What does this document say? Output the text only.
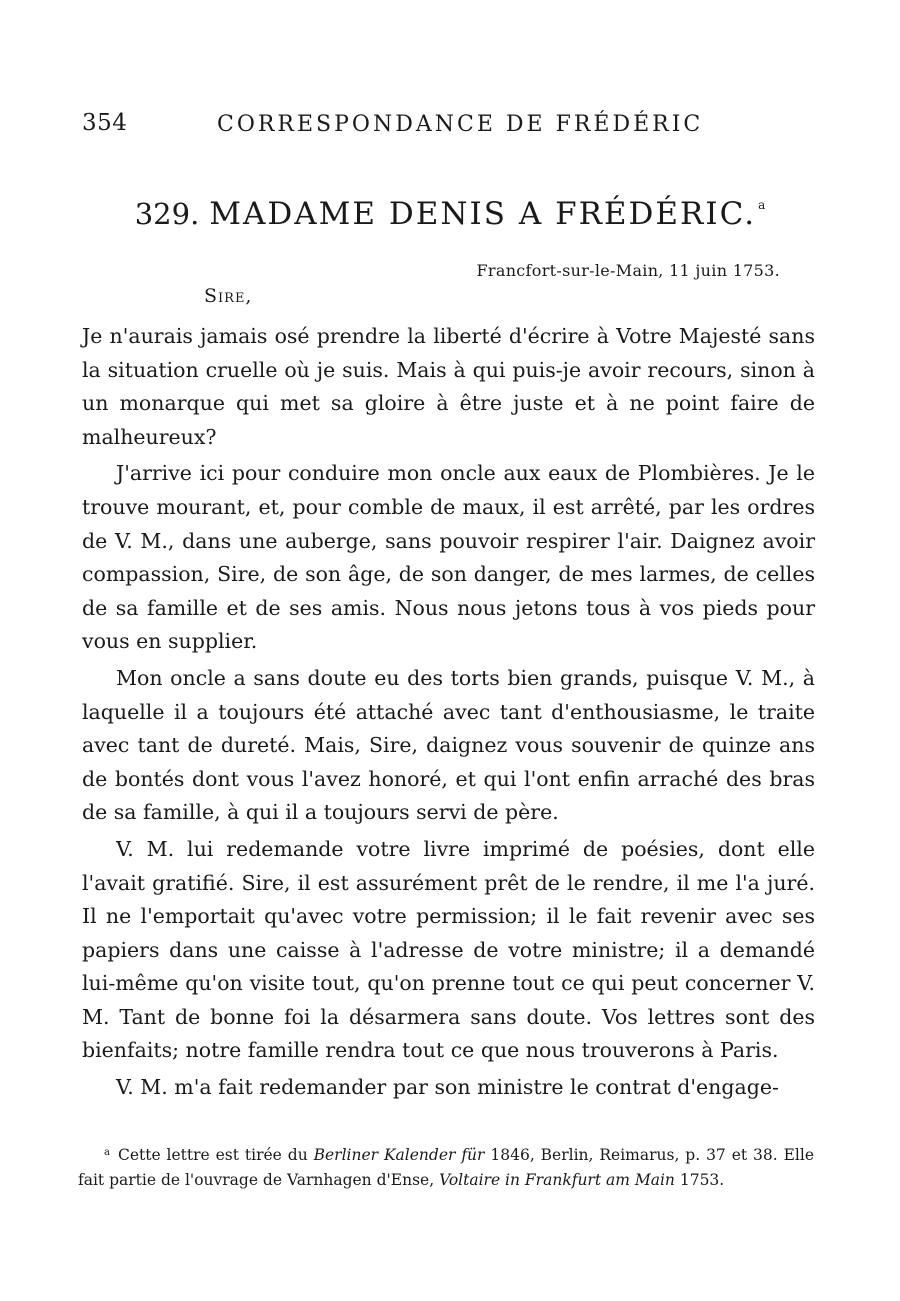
354	CORRESPONDANCE DE FRÉDÉRIC
329. MADAME DENIS A FRÉDÉRIC. $^a$
Francfort-sur-le-Main, 11 juin 1753.
Sire,

Je n'aurais jamais osé prendre la liberté d'écrire à Votre Majesté sans la situation cruelle où je suis. Mais à qui puis-je avoir recours, sinon à un monarque qui met sa gloire à être juste et à ne point faire de malheureux?

J'arrive ici pour conduire mon oncle aux eaux de Plombières. Je le trouve mourant, et, pour comble de maux, il est arrêté, par les ordres de V. M., dans une auberge, sans pouvoir respirer l'air. Daignez avoir compassion, Sire, de son âge, de son danger, de mes larmes, de celles de sa famille et de ses amis. Nous nous jetons tous à vos pieds pour vous en supplier.

Mon oncle a sans doute eu des torts bien grands, puisque V. M., à laquelle il a toujours été attaché avec tant d'enthousiasme, le traite avec tant de dureté. Mais, Sire, daignez vous souvenir de quinze ans de bontés dont vous l'avez honoré, et qui l'ont enfin arraché des bras de sa famille, à qui il a toujours servi de père.

V. M. lui redemande votre livre imprimé de poésies, dont elle l'avait gratifié. Sire, il est assurément prêt de le rendre, il me l'a juré. Il ne l'emportait qu'avec votre permission; il le fait revenir avec ses papiers dans une caisse à l'adresse de votre ministre; il a demandé lui-même qu'on visite tout, qu'on prenne tout ce qui peut concerner V. M. Tant de bonne foi la désarmera sans doute. Vos lettres sont des bienfaits; notre famille rendra tout ce que nous trouverons à Paris.

V. M. m'a fait redemander par son ministre le contrat d'engage-

$^a$ Cette lettre est tirée du Berliner Kalender für 1846, Berlin, Reimarus, p. 37 et 38. Elle fait partie de l'ouvrage de Varnhagen d'Ense, Voltaire in Frankfurt am Main 1753.
